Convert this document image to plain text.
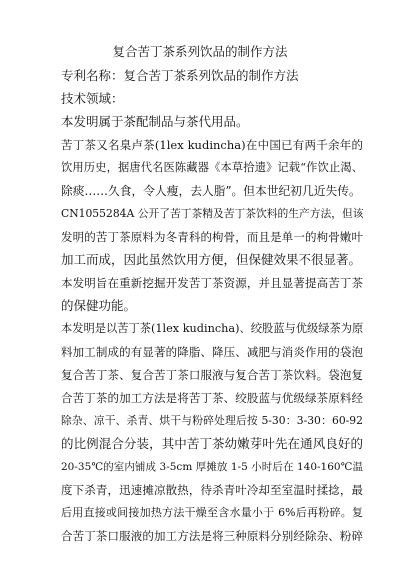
复合苦丁茶系列饮品的制作方法
专利名称：复合苦丁茶系列饮品的制作方法
技术领域：
本发明属于茶配制品与茶代用品。
苦丁茶又名臬卢茶(1lex kudincha)在中国已有两千余年的
饮用历史，据唐代名医陈藏器《本草拾遗》记载“作饮止渴、
除痰……久食，令人瘦，去人脂”。但本世纪初几近失传。
CN1055284A 公开了苦丁茶精及苦丁茶饮料的生产方法，但该
发明的苦丁茶原料为冬青科的枸骨，而且是单一的枸骨嫩叶
加工而成，因此虽然饮用方便，但保健效果不很显著。
本发明旨在重新挖掘开发苦丁茶资源，并且显著提高苦丁茶
的保健功能。
本发明是以苦丁茶(1lex kudincha)、绞股蓝与优级绿茶为原
料加工制成的有显著的降脂、降压、减肥与消炎作用的袋泡
复合苦丁茶、复合苦丁茶口服液与复合苦丁茶饮料。袋泡复
合苦丁茶的加工方法是将苦丁茶、绞股蓝与优级绿茶原料经
除杂、凉干、杀青、烘干与粉碎处理后按 5-30：3-30：60-92
的比例混合分装，其中苦丁茶幼嫩芽叶先在通风良好的
20-35℃的室内铺成 3-5cm 厚摊放 1-5 小时后在 140-160℃温
度下杀青，迅速摊凉散热，待杀青叶冷却至室温时揉捻，最
后用直接或间接加热方法干燥至含水量小于 6%后再粉碎。复
合苦丁茶口服液的加工方法是将三种原料分别经除杂、粉碎
